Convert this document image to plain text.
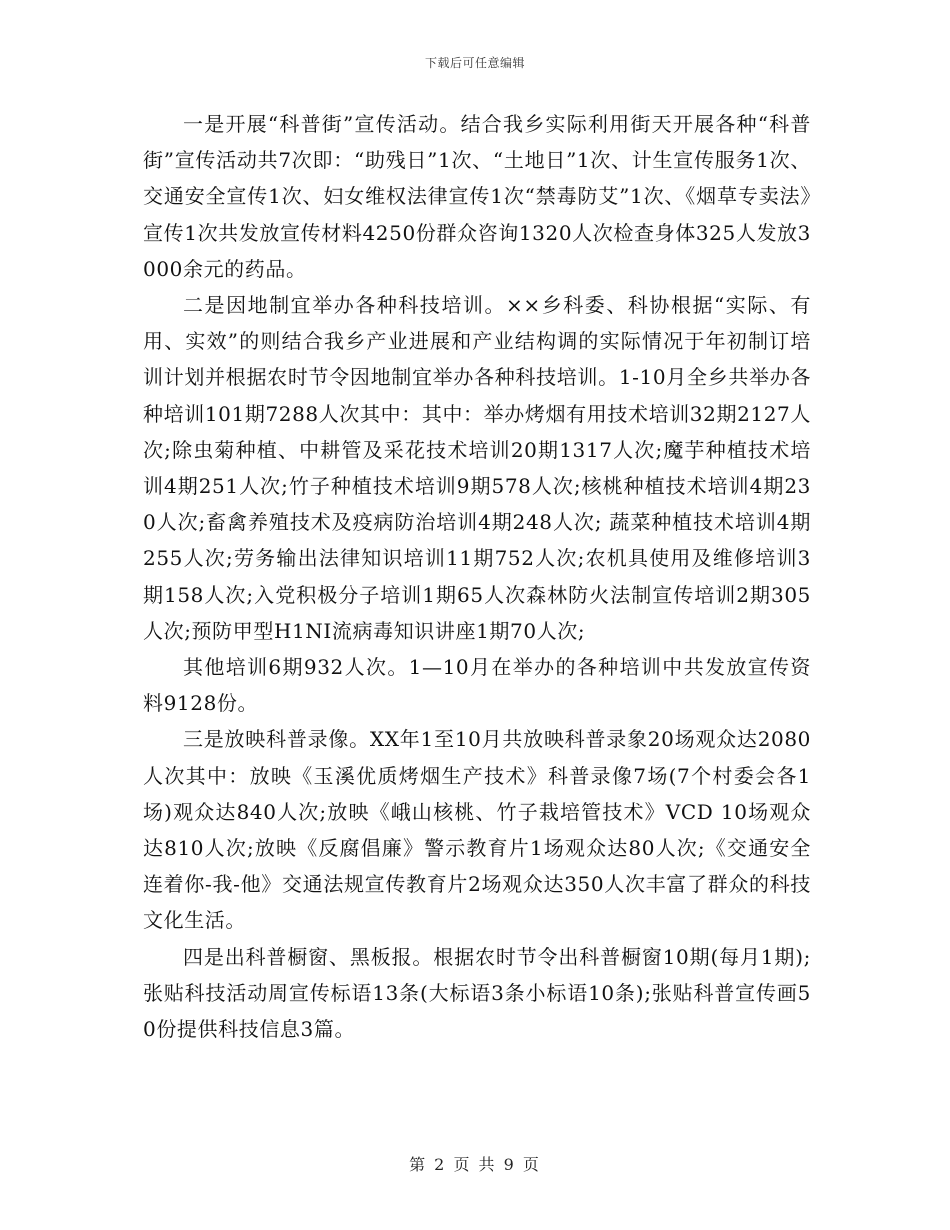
下载后可任意编辑

一是开展“科普街”宣传活动。结合我乡实际利用街天开展各种“科普街”宣传活动共7次即：“助残日”1次、“土地日”1次、计生宣传服务1次、交通安全宣传1次、妇女维权法律宣传1次“禁毒防艾”1次、《烟草专卖法》宣传1次共发放宣传材料4250份群众咨询1320人次检查身体325人发放3000余元的药品。

二是因地制宜举办各种科技培训。××乡科委、科协根据“实际、有用、实效”的则结合我乡产业进展和产业结构调的实际情况于年初制订培训计划并根据农时节令因地制宜举办各种科技培训。1-10月全乡共举办各种培训101期7288人次其中：其中：举办烤烟有用技术培训32期2127人次;除虫菊种植、中耕管及采花技术培训20期1317人次;魔芋种植技术培训4期251人次;竹子种植技术培训9期578人次;核桃种植技术培训4期230人次;畜禽养殖技术及疫病防治培训4期248人次; 蔬菜种植技术培训4期255人次;劳务输出法律知识培训11期752人次;农机具使用及维修培训3期158人次;入党积极分子培训1期65人次森林防火法制宣传培训2期305人次;预防甲型H1NI流病毒知识讲座1期70人次;

其他培训6期932人次。1—10月在举办的各种培训中共发放宣传资料9128份。

三是放映科普录像。XX年1至10月共放映科普录象20场观众达2080人次其中：放映《玉溪优质烤烟生产技术》科普录像7场(7个村委会各1场)观众达840人次;放映《峨山核桃、竹子栽培管技术》VCD 10场观众达810人次;放映《反腐倡廉》警示教育片1场观众达80人次;《交通安全连着你-我-他》交通法规宣传教育片2场观众达350人次丰富了群众的科技文化生活。

四是出科普橱窗、黑板报。根据农时节令出科普橱窗10期(每月1期);张贴科技活动周宣传标语13条(大标语3条小标语10条);张贴科普宣传画50份提供科技信息3篇。

第 2 页 共 9 页
